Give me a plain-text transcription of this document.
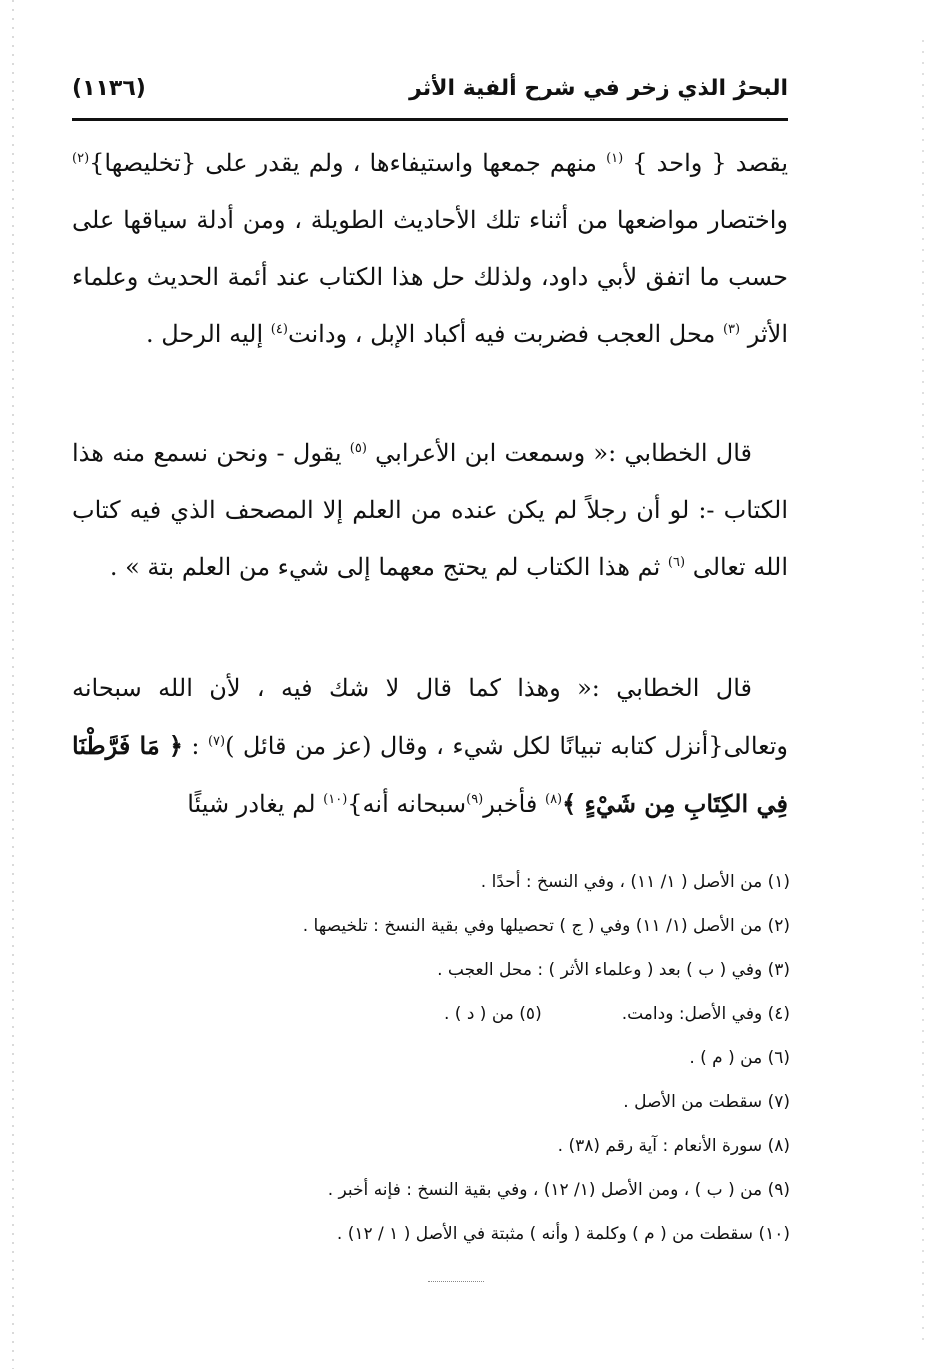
البحرُ الذي زخر في شرح ألفية الأثر
(١١٣٦)

يقصد { واحد } $^{(١)}$ منهم جمعها واستيفاءها ، ولم يقدر على {تخليصها}$^{(٢)}$ واختصار مواضعها من أثناء تلك الأحاديث الطويلة ، ومن أدلة سياقها على حسب ما اتفق لأبي داود، ولذلك حل هذا الكتاب عند أئمة الحديث وعلماء الأثر $^{(٣)}$ محل العجب فضربت فيه أكباد الإبل ، ودانت$^{(٤)}$ إليه الرحل .

قال الخطابي :« وسمعت ابن الأعرابي $^{(٥)}$ يقول - ونحن نسمع منه هذا الكتاب -: لو أن رجلاً لم يكن عنده من العلم إلا المصحف الذي فيه كتاب الله تعالى $^{(٦)}$ ثم هذا الكتاب لم يحتج معهما إلى شيء من العلم بتة » .

قال الخطابي :« وهذا كما قال لا شك فيه ، لأن الله سبحانه وتعالى{أنزل كتابه تبيانًا لكل شيء ، وقال (عز من قائل )$^{(٧)}$ : ﴿ مَا فَرَّطْنَا فِي الكِتَابِ مِن شَيْءٍ ﴾$^{(٨)}$ فأخبر$^{(٩)}$سبحانه أنه}$^{(١٠)}$ لم يغادر شيئًا

(١) من الأصل ( ١/ ١١) ، وفي النسخ : أحدًا .
(٢) من الأصل (١/ ١١) وفي ( ج ) تحصيلها وفي بقية النسخ : تلخيصها .
(٣) وفي ( ب ) بعد ( وعلماء الأثر ) : محل العجب .
(٤) وفي الأصل: ودامت.
(٥) من ( د ) .
(٦) من ( م ) .
(٧) سقطت من الأصل .
(٨) سورة الأنعام : آية رقم (٣٨) .
(٩) من ( ب ) ، ومن الأصل (١/ ١٢) ، وفي بقية النسخ : فإنه أخبر .
(١٠) سقطت من ( م ) وكلمة ( وأنه ) مثبتة في الأصل ( ١ / ١٢) .
